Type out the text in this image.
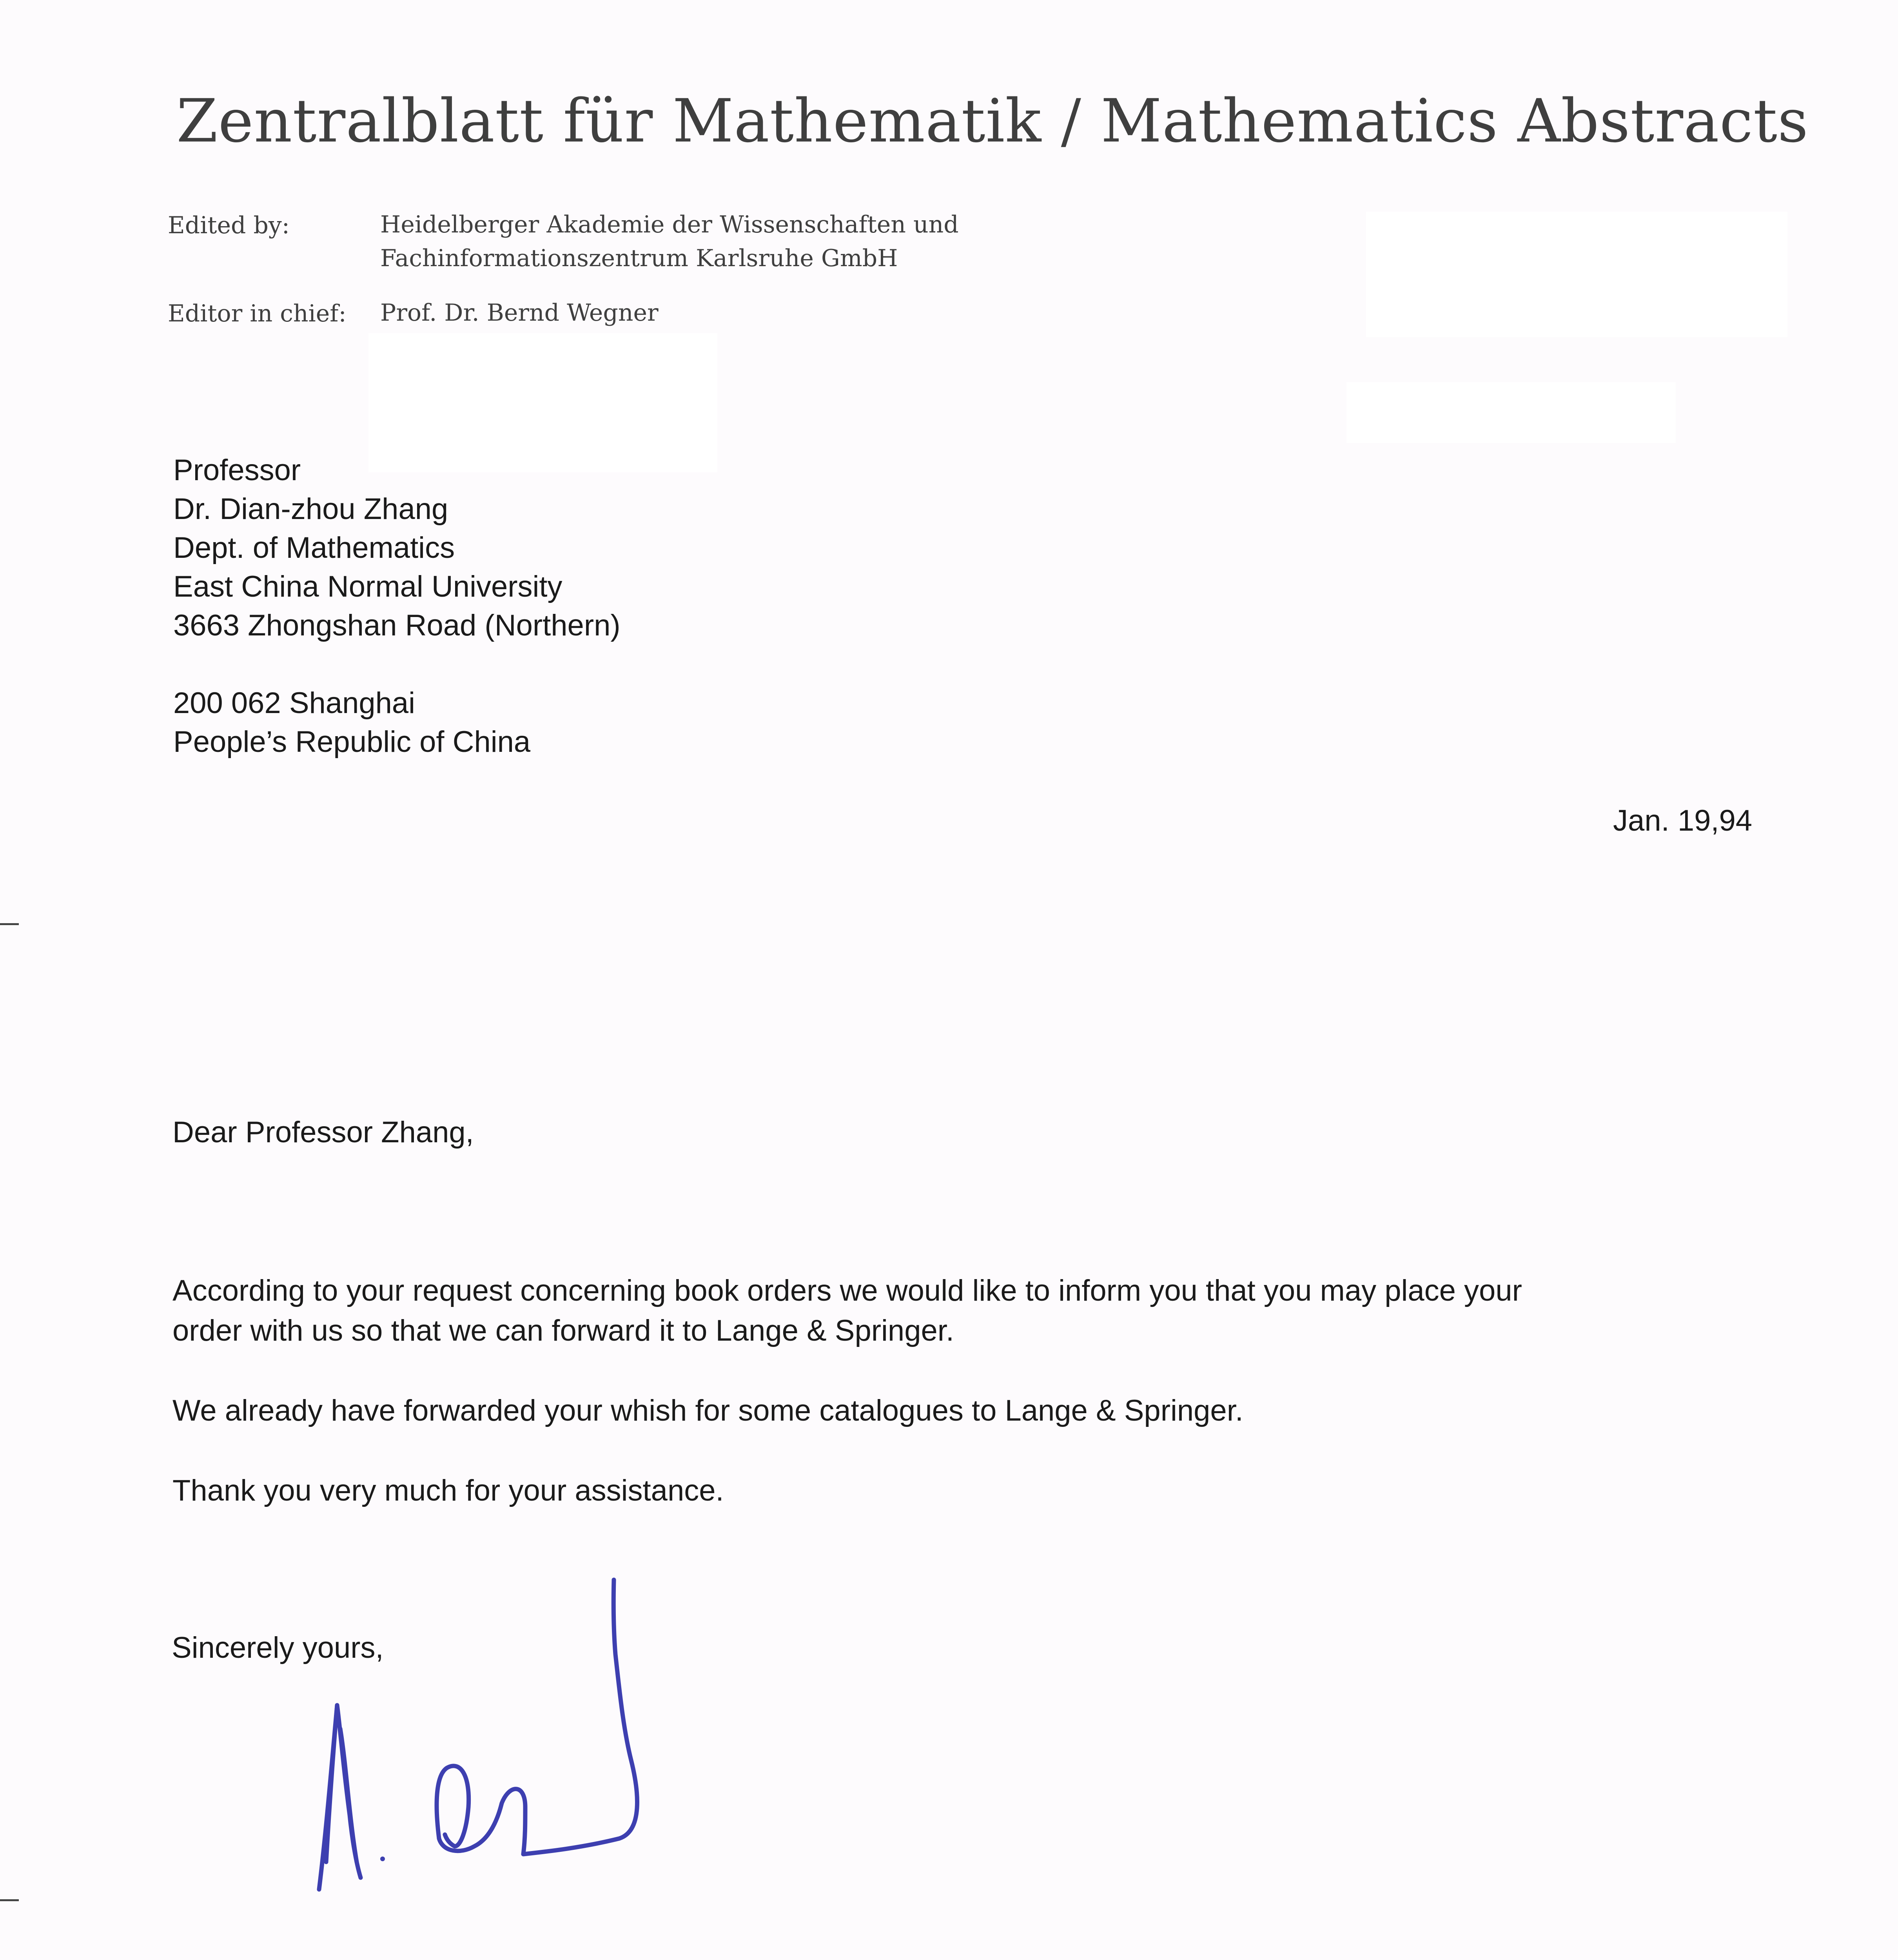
Zentralblatt für Mathematik / Mathematics Abstracts
Edited by:	Heidelberger Akademie der Wissenschaften und
Fachinformationszentrum Karlsruhe GmbH
Editor in chief: Prof. Dr. Bernd Wegner
Professor
Dr. Dian-zhou Zhang
Dept. of Mathematics
East China Normal University
3663 Zhongshan Road (Northern)
200 062 Shanghai
People’s Republic of China
Jan. 19,94
Dear Professor Zhang,
According to your request concerning book orders we would like to inform you that you may place your
order with us so that we can forward it to Lange & Springer.
We already have forwarded your whish for some catalogues to Lange & Springer.
Thank you very much for your assistance.
Sincerely yours,
